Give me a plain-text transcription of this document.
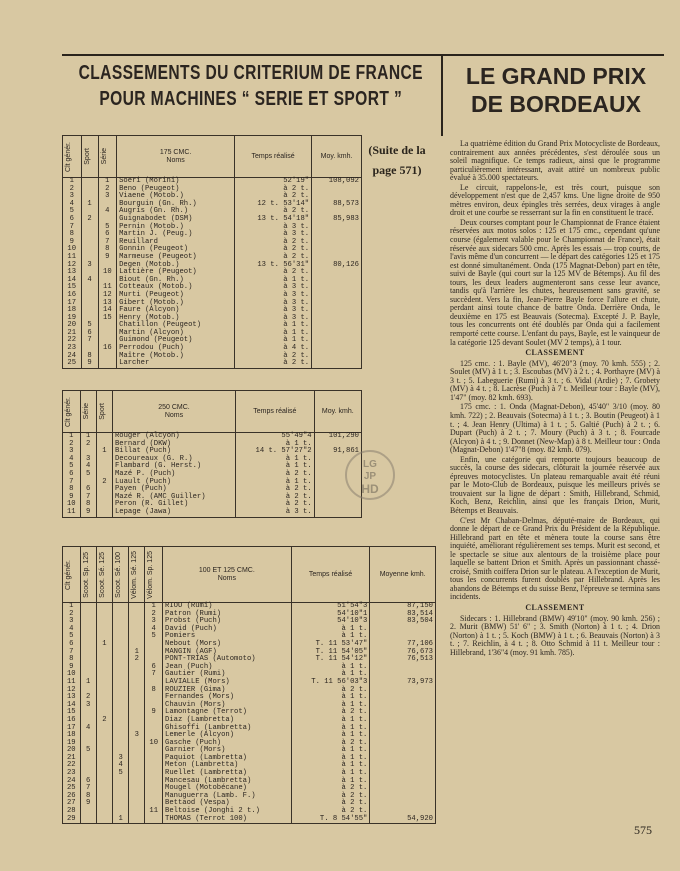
CLASSEMENTS DU CRITERIUM DE FRANCE POUR MACHINES “ SERIE ET SPORT ”
LE GRAND PRIX DE BORDEAUX
(Suite de la page 571)
Clt génér.	Sport	Série	175 CMC.
Noms	Temps réalisé	Moy. kmh.

1		1	Soeri (Morini)	52'19"	108,092
2		2	Beno (Peugeot)	à 2 t.	
3		3	Viaene (Motob.)	à 2 t.	
4	1		Bourguin (Gn. Rh.)	12 t. 53'14"	88,573
5		4	Augris (Gn. Rh.)	à 2 t.	
6	2		Guignabodet (DSM)	13 t. 54'18"	85,983
7		5	Pernin (Motob.)	à 3 t.	
8		6	Martin J. (Peug.)	à 3 t.	
9		7	Reuillard	à 2 t.	
10		8	Gonnin (Peugeot)	à 2 t.	
11		9	Marmeuse (Peugeot)	à 2 t.	
12	3		Degen (Motob.)	13 t. 56'31"	80,126
13		10	Lattière (Peugeot)	à 2 t.	
14	4		Biout (Gn. Rh.)	à 1 t.	
15		11	Cotteaux (Motob.)	à 3 t.	
16		12	Murti (Peugeot)	à 3 t.	
17		13	Gibert (Motob.)	à 3 t.	
18		14	Faure (Alcyon)	à 3 t.	
19		15	Henry (Motob.)	à 3 t.	
20	5		Chatillon (Peugeot)	à 1 t.	
21	6		Martin (Alcyon)	à 1 t.	
22	7		Guimond (Peugeot)	à 1 t.	
23		16	Perrodou (Puch)	à 4 t.	
24	8		Maître (Motob.)	à 2 t.	
25	9		Larcher	à 2 t.	
Clt génér.	Série	Sport	250 CMC.
Noms	Temps réalisé	Moy. kmh.

1	1		Rouger (Alcyon)	55'49"4	101,290
2	2		Bernard (DKW)	à 1 t.	
3		1	Billat (Puch)	14 t. 57'27"2	91,861
4	3		Decoureaux (G. R.)	à 1 t.	
5	4		Flambard (G. Herst.)	à 1 t.	
6	5		Mazé P. (Puch)	à 2 t.	
7		2	Luault (Puch)	à 1 t.	
8	6		Payen (Puch)	à 2 t.	
9	7		Mazé R. (AMC Guiller)	à 2 t.	
10	8		Peron (R. Gillet)	à 2 t.	
11	9		Lepage (Jawa)	à 3 t.	
Clt génér.	Scoot. Sp. 125	Scoot. Sé. 125	Scoot. Sé. 100	Vélom. Sé. 125	Vélom. Sp. 125	100 ET 125 CMC.
Noms	Temps réalisé	Moyenne kmh.

1					1	RIOU (Rumi)	51'54"3	87,150
2					2	Patron (Rumi)	54'10"1	83,514
3					3	Probst (Puch)	54'10"3	83,504
4					4	David (Puch)	à 1 t.	
5					5	Pomiers	à 1 t.	
6		1				Nebout (Mors)	T. 11 53'47"	77,106
7				1		MANGIN (AGF)	T. 11 54'05"	76,673
8				2		PONT-TRIAS (Automoto)	T. 11 54'12"	76,513
9					6	Jean (Puch)	à 1 t.	
10					7	Gautier (Rumi)	à 1 t.	
11	1					LAVIALLE (Mors)	T. 11 56'03"3	73,973
12					8	ROUZIER (Gima)	à 2 t.	
13	2					Fernandes (Mors)	à 1 t.	
14	3					Chauvin (Mors)	à 1 t.	
15					9	Lamontagne (Terrot)	à 2 t.	
16		2				Diaz (Lambretta)	à 1 t.	
17	4					Ghisoffi (Lambretta)	à 1 t.	
18				3		Lemerle (Alcyon)	à 1 t.	
19					10	Gasche (Puch)	à 2 t.	
20	5					Garnier (Mors)	à 1 t.	
21			3			Paquiot (Lambretta)	à 1 t.	
22			4			Meton (Lambretta)	à 1 t.	
23			5			Ruellet (Lambretta)	à 1 t.	
24	6					Mancesau (Lambretta)	à 1 t.	
25	7					Mougel (Motobécane)	à 2 t.	
26	8					Manuguerra (Lamb. F.)	à 2 t.	
27	9					Bettaod (Vespa)	à 2 t.	
28					11	Beltoise (Jonghi 2 t.)	à 2 t.	
29			1			THOMAS (Terrot 100)	T. 8 54'55"	54,920
LG
JP
HD

La quatrième édition du Grand Prix Motocycliste de Bordeaux, contrairement aux années précédentes, s'est déroulée sous un soleil magnifique. Ce temps radieux, ainsi que le programme particulièrement intéressant, avait attiré un nombreux public évalué à 35.000 spectateurs.

Le circuit, rappelons-le, est très court, puisque son développement n'est que de 2,457 kms. Une ligne droite de 950 mètres environ, deux épingles très serrées, deux virages à angle droit et une courbe se resserrant sur la fin en constituent le tracé.

Deux courses comptant pour le Championnat de France étaient réservées aux motos solos : 125 et 175 cmc., cependant qu'une course (également valable pour le Championnat de France), était réservée aux sidecars 500 cmc. Après les essais — trop courts, de l'avis même d'un concurrent — le départ des catégories 125 et 175 est donné simultanément. Onda (175 Magnat-Debon) part en tête, suivi de Bayle (qui court sur la 125 MV de Bétemps). Au fil des tours, les deux leaders augmenteront sans cesse leur avance, tandis qu'à l'arrière les chutes, heureusement sans gravité, se succèdent. Vers la fin, Jean-Pierre Bayle force l'allure et chute, perdant ainsi toute chance de battre Onda. Derrière Onda, le deuxième en 175 est Beauvais (Sotecma). Excepté J. P. Bayle, tous les concurrents ont été doublés par Onda qui a facilement remporté cette course. L'enfant du pays, Bayle, est le vainqueur de la catégorie 125 devant Soulet (MV 2 temps), à 1 tour.

CLASSEMENT

125 cmc. : 1. Bayle (MV), 46'20"3 (moy. 70 kmh. 555) ; 2. Soulet (MV) à 1 t. ; 3. Escoubas (MV) à 2 t. ; 4. Porthayre (MV) à 3 t. ; 5. Labeguerie (Rumi) à 3 t. ; 6. Vidal (Ardie) ; 7. Grobety (MV) à 4 t. ; 8. Lacrèse (Puch) à 7 t. Meilleur tour : Bayle (MV), 1'47" (moy. 82 kmh. 693).

175 cmc. : 1. Onda (Magnat-Debon), 45'40" 3/10 (moy. 80 kmh. 722) ; 2. Beauvais (Sotecma) à 1 t. ; 3. Boutin (Peugeot) à 1 t. ; 4. Jean Henry (Ultima) à 1 t. ; 5. Galtié (Puch) à 2 t. ; 6. Dupart (Puch) à 2 t. ; 7. Moury (Puch) à 3 t. ; 8. Fourcade (Alcyon) à 4 t. ; 9. Donnet (New-Map) à 8 t. Meilleur tour : Onda (Magnat-Debon) 1'47"8 (moy. 82 kmh. 079).

Enfin, une catégorie qui remporte toujours beaucoup de succès, la course des sidecars, clôturait la journée réservée aux épreuves motocyclistes. Un plateau remarquable avait été réuni par le Moto-Club de Bordeaux, puisque les meilleurs privés se trouvaient sur la ligne de départ : Smith, Hillebrand, Schmid, Koch, Benz, Reichlin, ainsi que les français Drion, Murit, Bétemps et Beauvais.

C'est Mr Chaban-Delmas, député-maire de Bordeaux, qui donne le départ de ce Grand Prix du Président de la République. Hillebrand part en tête et mènera toute la course sans être inquiété, améliorant régulièrement ses temps. Murit est second, et le spectacle se situe aux alentours de la troisième place pour laquelle se battent Drion et Smith. Après un passionnant chassé-croisé, Smith coiffera Drion sur le plateau. A l'exception de Murit, tous les concurrents furent doublés par Hillebrand. Après les abandons de Bétemps et du suisse Benz, l'épreuve se termina sans incidents.

CLASSEMENT

Sidecars : 1. Hillebrand (BMW) 49'10" (moy. 90 kmh. 256) ; 2. Murit (BMW) 51' 6" ; 3. Smith (Norton) à 1 t. ; 4. Drion (Norton) à 1 t. ; 5. Koch (BMW) à 1 t. ; 6. Beauvais (Norton) à 3 t. ; 7. Reichlin, à 4 t. ; 8. Otto Schmid à 11 t. Meilleur tour : Hillebrand, 1'36"4 (moy. 91 kmh. 785).

575
